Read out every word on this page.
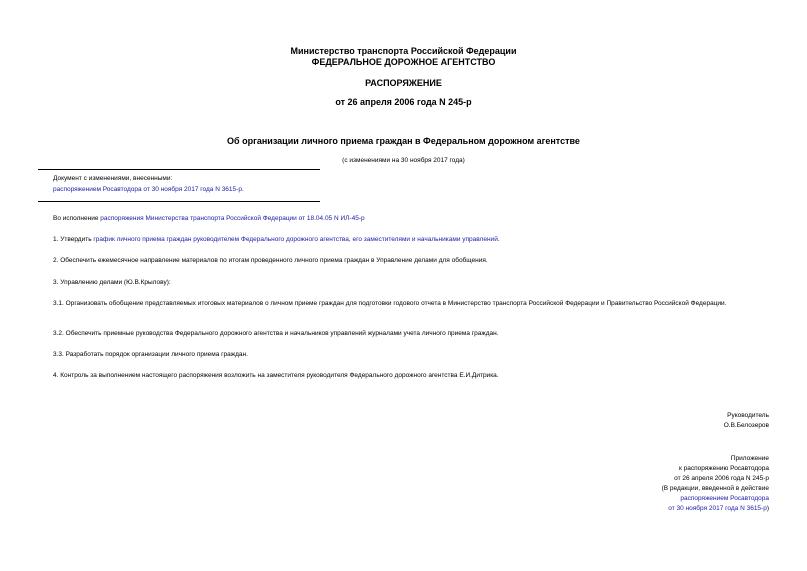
Министерство транспорта Российской Федерации
ФЕДЕРАЛЬНОЕ ДОРОЖНОЕ АГЕНТСТВО
РАСПОРЯЖЕНИЕ
от 26 апреля 2006 года N 245-р
Об организации личного приема граждан в Федеральном дорожном агентстве
(с изменениями на 30 ноября 2017 года)
Документ с изменениями, внесенными:
распоряжением Росавтодора от 30 ноября 2017 года N 3615-р.
Во исполнение распоряжения Министерства транспорта Российской Федерации от 18.04.05 N ИЛ-45-р
1. Утвердить график личного приема граждан руководителем Федерального дорожного агентства, его заместителями и начальниками управлений.
2. Обеспечить ежемесячное направление материалов по итогам проведенного личного приема граждан в Управление делами для обобщения.
3. Управлению делами (Ю.В.Крылову):
3.1. Организовать обобщение представляемых итоговых материалов о личном приеме граждан для подготовки годового отчета в Министерство транспорта Российской Федерации и Правительство Российской Федерации.
3.2. Обеспечить приемные руководства Федерального дорожного агентства и начальников управлений журналами учета личного приема граждан.
3.3. Разработать порядок организации личного приема граждан.
4. Контроль за выполнением настоящего распоряжения возложить на заместителя руководителя Федерального дорожного агентства Е.И.Дитрика.
Руководитель
О.В.Белозеров
Приложение
к распоряжению Росавтодора
от 26 апреля 2006 года N 245-р
(В редакции, введенной в действие
распоряжением Росавтодора
от 30 ноября 2017 года N 3615-р)
